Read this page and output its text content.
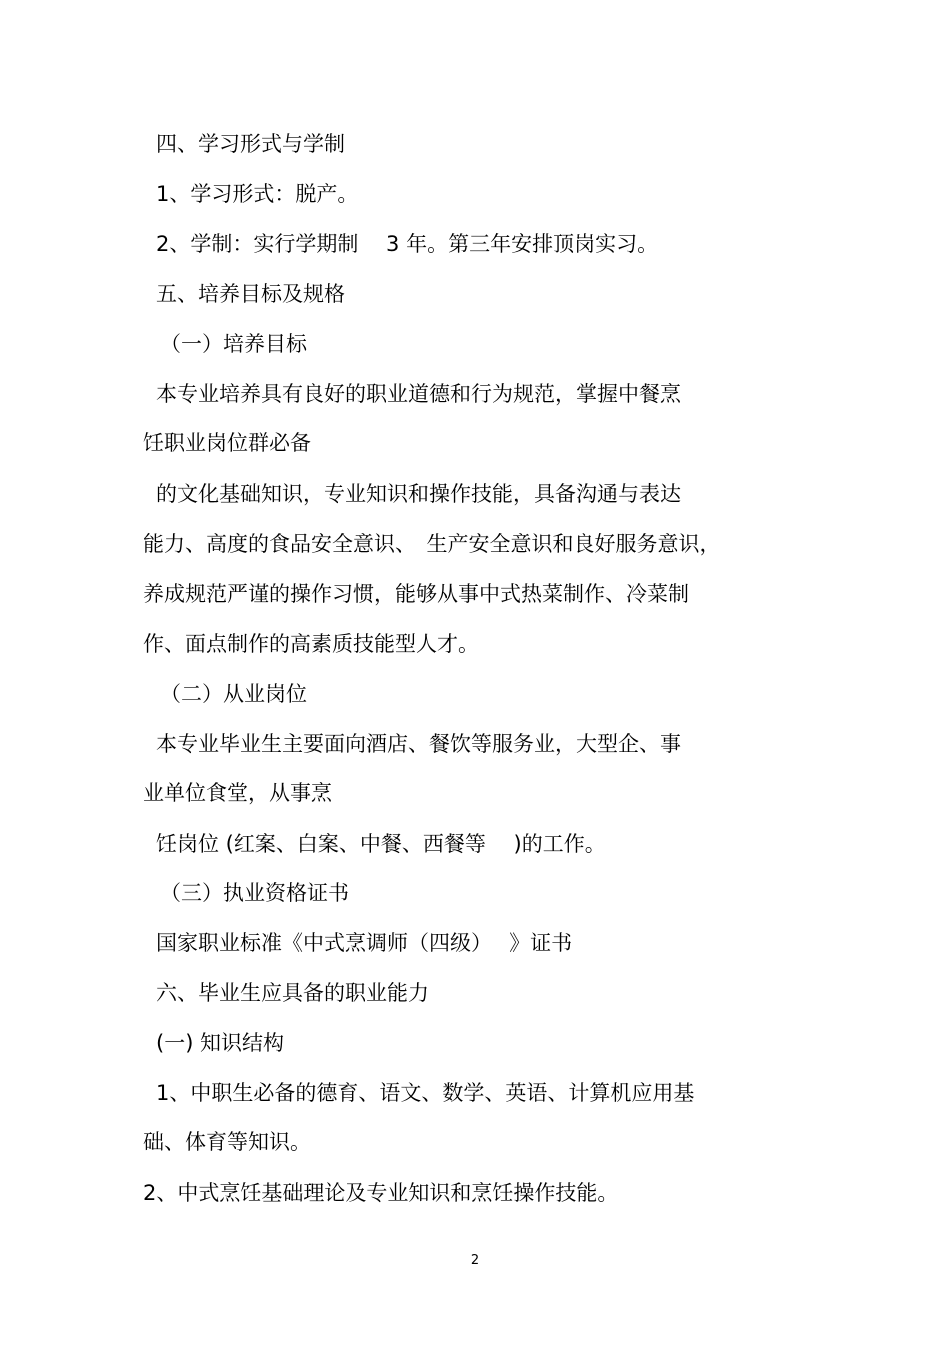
四、学习形式与学制
1、学习形式：脱产。
2、学制：实行学期制　 3 年。第三年安排顶岗实习。
五、培养目标及规格
（一）培养目标
本专业培养具有良好的职业道德和行为规范，掌握中餐烹
饪职业岗位群必备
的文化基础知识，专业知识和操作技能，具备沟通与表达
能力、高度的食品安全意识、　生产安全意识和良好服务意识，
养成规范严谨的操作习惯，能够从事中式热菜制作、冷菜制
作、面点制作的高素质技能型人才。
（二）从业岗位
本专业毕业生主要面向酒店、餐饮等服务业，大型企、事
业单位食堂，从事烹
饪岗位 (红案、白案、中餐、西餐等　 )的工作。
（三）执业资格证书
国家职业标准《中式烹调师（四级）　 》证书
六、毕业生应具备的职业能力
(一) 知识结构
1、中职生必备的德育、语文、数学、英语、计算机应用基
础、体育等知识。
2、中式烹饪基础理论及专业知识和烹饪操作技能。
2
